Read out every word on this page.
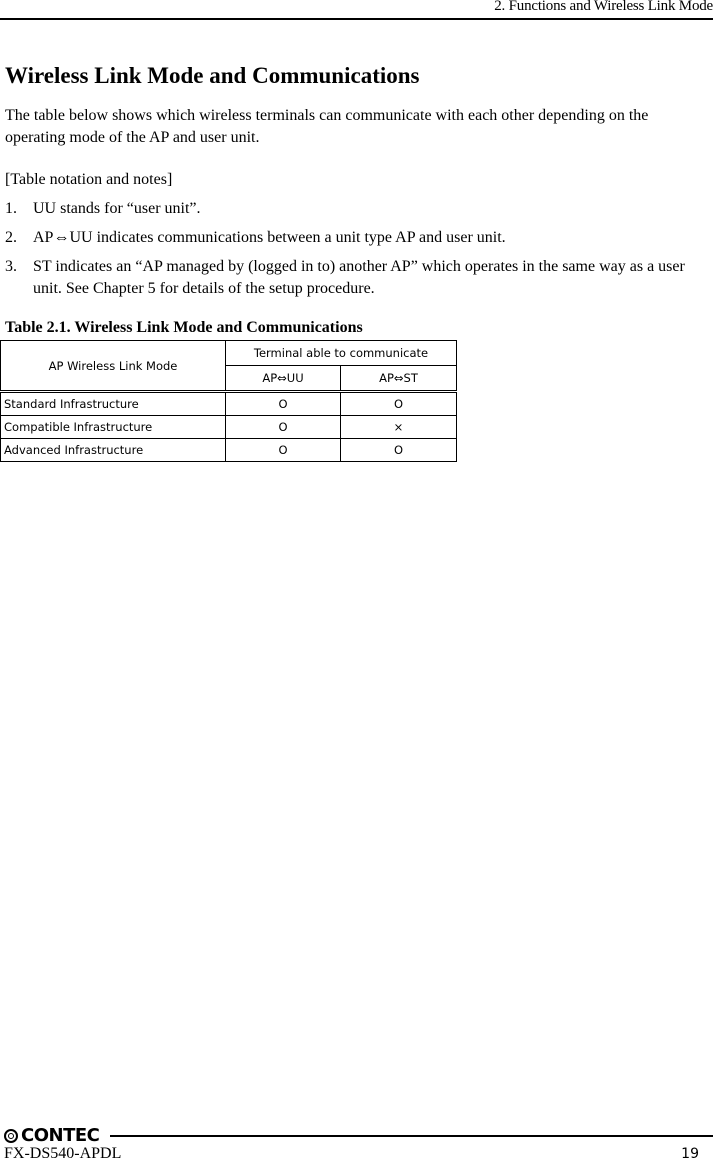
2. Functions and Wireless Link Mode
Wireless Link Mode and Communications

The table below shows which wireless terminals can communicate with each other depending on the operating mode of the AP and user unit.

[Table notation and notes]

1. UU stands for “user unit”.
2. AP⇔UU indicates communications between a unit type AP and user unit.
3. ST indicates an “AP managed by (logged in to) another AP” which operates in the same way as a user unit. See Chapter 5 for details of the setup procedure.

Table 2.1. Wireless Link Mode and Communications

AP Wireless Link Mode	Terminal able to communicate	
	AP⇔UU	AP⇔ST
Standard Infrastructure	O	O
Compatible Infrastructure	O	×
Advanced Infrastructure	O	O
CONTEC
FX-DS540-APDL	19
